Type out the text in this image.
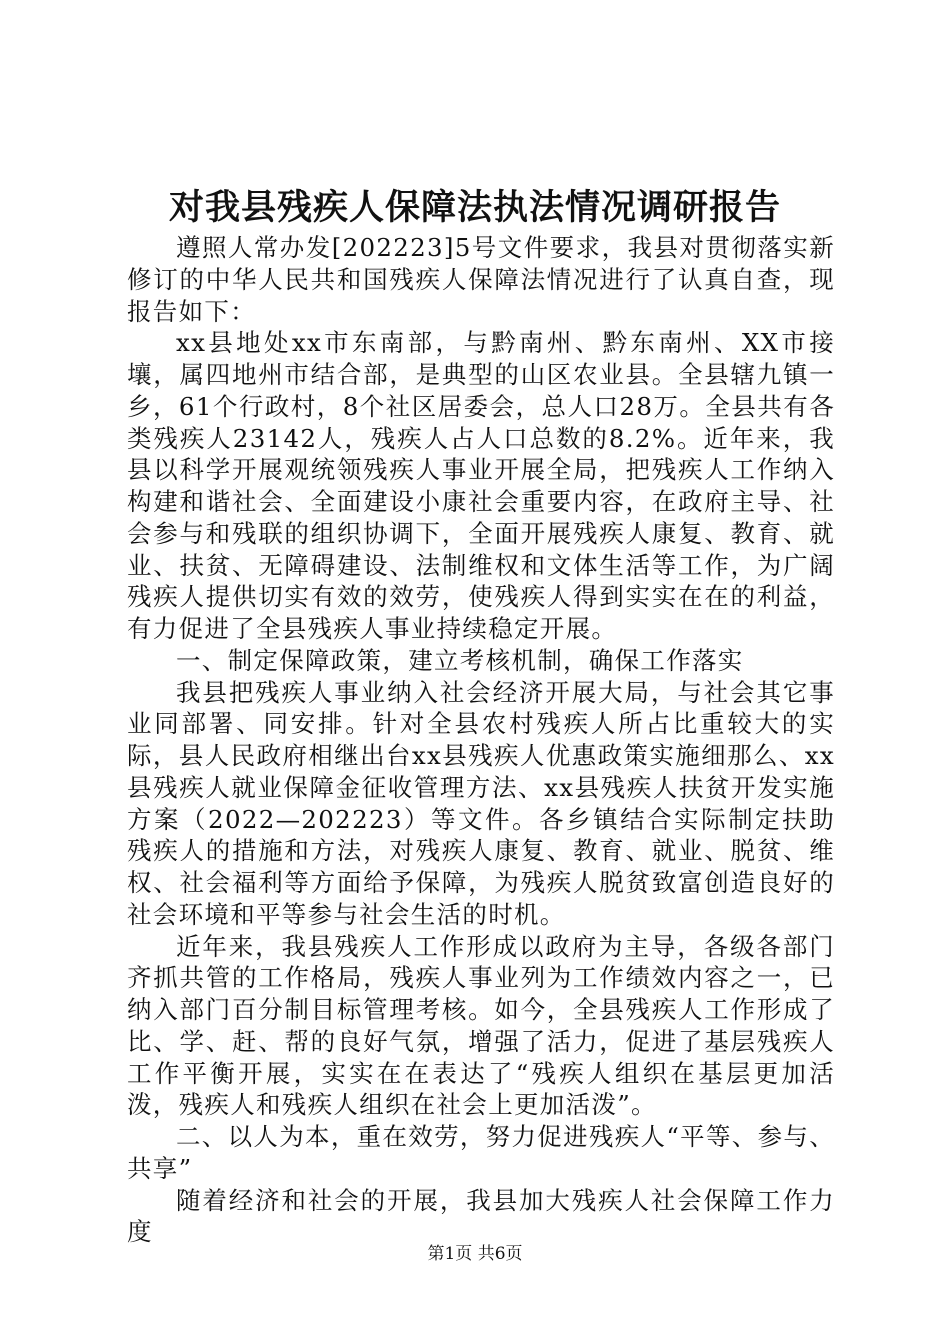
对我县残疾人保障法执法情况调研报告

遵照人常办发[202223]5号文件要求，我县对贯彻落实新修订的中华人民共和国残疾人保障法情况进行了认真自查，现报告如下：

xx县地处xx市东南部，与黔南州、黔东南州、XX市接壤，属四地州市结合部，是典型的山区农业县。全县辖九镇一乡，61个行政村，8个社区居委会，总人口28万。全县共有各类残疾人23142人，残疾人占人口总数的8.2%。近年来，我县以科学开展观统领残疾人事业开展全局，把残疾人工作纳入构建和谐社会、全面建设小康社会重要内容，在政府主导、社会参与和残联的组织协调下，全面开展残疾人康复、教育、就业、扶贫、无障碍建设、法制维权和文体生活等工作，为广阔残疾人提供切实有效的效劳，使残疾人得到实实在在的利益，有力促进了全县残疾人事业持续稳定开展。

一、制定保障政策，建立考核机制，确保工作落实

我县把残疾人事业纳入社会经济开展大局，与社会其它事业同部署、同安排。针对全县农村残疾人所占比重较大的实际，县人民政府相继出台xx县残疾人优惠政策实施细那么、xx县残疾人就业保障金征收管理方法、xx县残疾人扶贫开发实施方案（2022—202223）等文件。各乡镇结合实际制定扶助残疾人的措施和方法，对残疾人康复、教育、就业、脱贫、维权、社会福利等方面给予保障，为残疾人脱贫致富创造良好的社会环境和平等参与社会生活的时机。

近年来，我县残疾人工作形成以政府为主导，各级各部门齐抓共管的工作格局，残疾人事业列为工作绩效内容之一，已纳入部门百分制目标管理考核。如今，全县残疾人工作形成了比、学、赶、帮的良好气氛，增强了活力，促进了基层残疾人工作平衡开展，实实在在表达了“残疾人组织在基层更加活泼，残疾人和残疾人组织在社会上更加活泼”。

二、以人为本，重在效劳，努力促进残疾人“平等、参与、共享”

随着经济和社会的开展，我县加大残疾人社会保障工作力度

第1页 共6页
